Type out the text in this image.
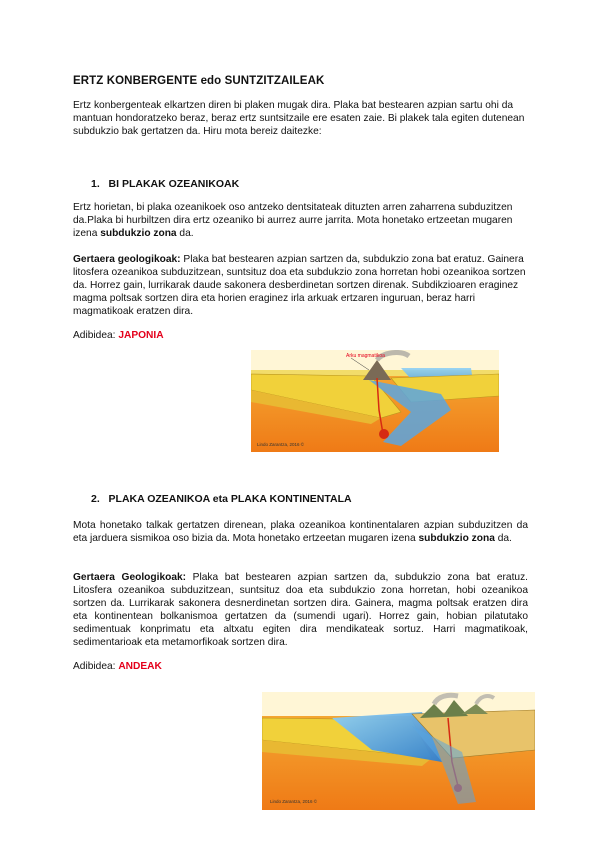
ERTZ KONBERGENTE edo SUNTZITZAILEAK
Ertz konbergenteak elkartzen diren bi plaken mugak dira. Plaka bat bestearen azpian sartu ohi da mantuan hondoratzeko beraz, beraz ertz suntsitzaile ere esaten zaie. Bi plakek tala egiten dutenean subdukzio bak gertatzen da. Hiru mota bereiz daitezke:
1. BI PLAKAK OZEANIKOAK
Ertz horietan, bi plaka ozeanikoek oso antzeko dentsitateak dituzten arren zaharrena subduzitzen da.Plaka bi hurbiltzen dira ertz ozeaniko bi aurrez aurre jarrita. Mota honetako ertzeetan mugaren izena subdukzio zona da.
Gertaera geologikoak: Plaka bat bestearen azpian sartzen da, subdukzio zona bat eratuz. Gainera litosfera ozeanikoa subduzitzean, suntsituz doa eta subdukzio zona horretan hobi ozeanikoa sortzen da. Horrez gain, lurrikarak daude sakonera desberdinetan sortzen direnak. Subdikzioaren eraginez magma poltsak sortzen dira eta horien eraginez irla arkuak ertzaren inguruan, beraz harri magmatikoak eratzen dira.
Adibidea: JAPONIA
Arku magmatikoa
Lindo Zarantza, 2016 ©
2. PLAKA OZEANIKOA eta PLAKA KONTINENTALA
Mota honetako talkak gertatzen direnean, plaka ozeanikoa kontinentalaren azpian subduzitzen da eta jarduera sismikoa oso bizia da. Mota honetako ertzeetan mugaren izena subdukzio zona da.
Gertaera Geologikoak: Plaka bat bestearen azpian sartzen da, subdukzio zona bat eratuz. Litosfera ozeanikoa subduzitzean, suntsituz doa eta subdukzio zona horretan, hobi ozeanikoa sortzen da. Lurrikarak sakonera desnerdinetan sortzen dira. Gainera, magma poltsak eratzen dira eta kontinentean bolkanismoa gertatzen da (sumendi ugari). Horrez gain, hobian pilatutako sedimentuak konprimatu eta altxatu egiten dira mendikateak sortuz. Harri magmatikoak, sedimentarioak eta metamorfikoak sortzen dira.
Adibidea: ANDEAK
Lindo Zarantza, 2016 ©
